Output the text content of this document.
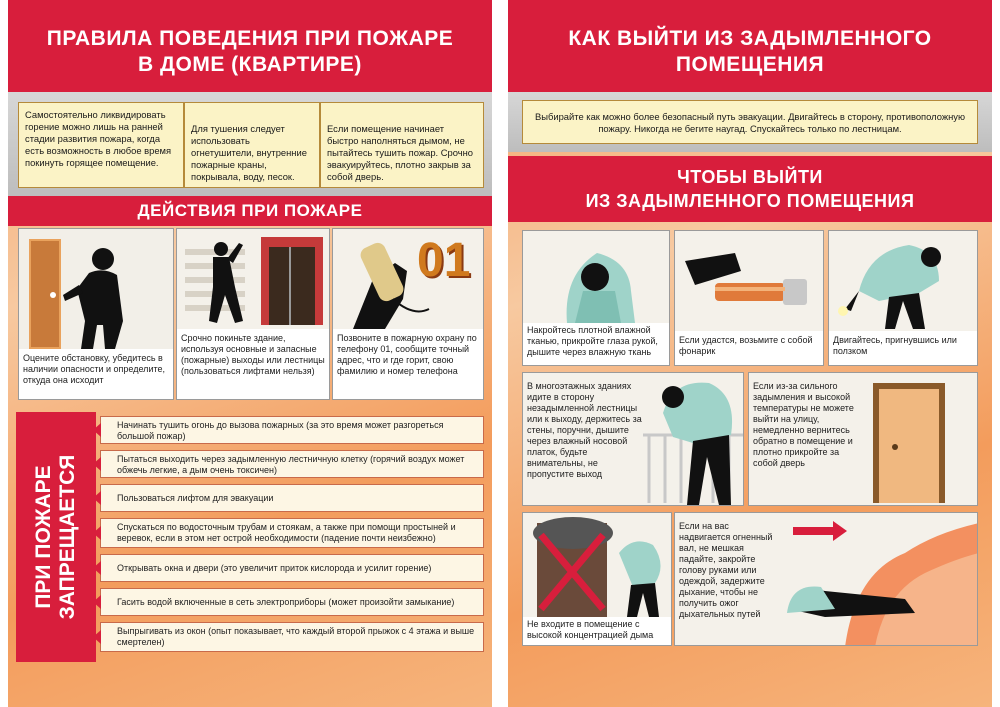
ПРАВИЛА ПОВЕДЕНИЯ ПРИ ПОЖАРЕ
В ДОМЕ (КВАРТИРЕ)
Самостоятельно ликвидировать горение можно лишь на ранней стадии развития пожара, когда есть возможность в любое время покинуть горящее помещение.
Для тушения следует использовать огнетушители, внутренние пожарные краны, покрывала, воду, песок.
Если помещение начинает быстро наполняться дымом, не пытайтесь тушить пожар. Срочно эвакуируйтесь, плотно закрыв за собой дверь.
ДЕЙСТВИЯ ПРИ ПОЖАРЕ
Оцените обстановку, убедитесь в наличии опасности и определите, откуда она исходит
Срочно покиньте здание, используя основные и запасные (пожарные) выходы или лестницы (пользоваться лифтами нельзя)
01
Позвоните в пожарную охрану по телефону 01, сообщите точный адрес, что и где горит, свою фамилию и номер телефона
ПРИ ПОЖАРЕ ЗАПРЕЩАЕТСЯ
Начинать тушить огонь до вызова пожарных (за это время может разгореться большой пожар)
Пытаться выходить через задымленную лестничную клетку (горячий воздух может обжечь легкие, а дым очень токсичен)
Пользоваться лифтом для эвакуации
Спускаться по водосточным трубам и стоякам, а также при помощи простыней и веревок, если в этом нет острой необходимости (падение почти неизбежно)
Открывать окна и двери (это увеличит приток кислорода и усилит горение)
Гасить водой включенные в сеть электроприборы (может произойти замыкание)
Выпрыгивать из окон (опыт показывает, что каждый второй прыжок с 4 этажа и выше смертелен)
КАК ВЫЙТИ ИЗ ЗАДЫМЛЕННОГО
ПОМЕЩЕНИЯ
Выбирайте как можно более безопасный путь эвакуации. Двигайтесь в сторону, противоположную пожару. Никогда не бегите наугад. Спускайтесь только по лестницам.
ЧТОБЫ ВЫЙТИ
ИЗ ЗАДЫМЛЕННОГО ПОМЕЩЕНИЯ
Накройтесь плотной влажной тканью, прикройте глаза рукой, дышите через влажную ткань
Если удастся, возьмите с собой фонарик
Двигайтесь, пригнувшись или ползком
В многоэтажных зданиях идите в сторону незадымленной лестницы или к выходу, держитесь за стены, поручни, дышите через влажный носовой платок, будьте внимательны, не пропустите выход
Если из-за сильного задымления и высокой температуры не можете выйти на улицу, немедленно вернитесь обратно в помещение и плотно прикройте за собой дверь
Не входите в помещение с высокой концентрацией дыма
Если на вас надвигается огненный вал, не мешкая падайте, закройте голову руками или одеждой, задержите дыхание, чтобы не получить ожог дыхательных путей
